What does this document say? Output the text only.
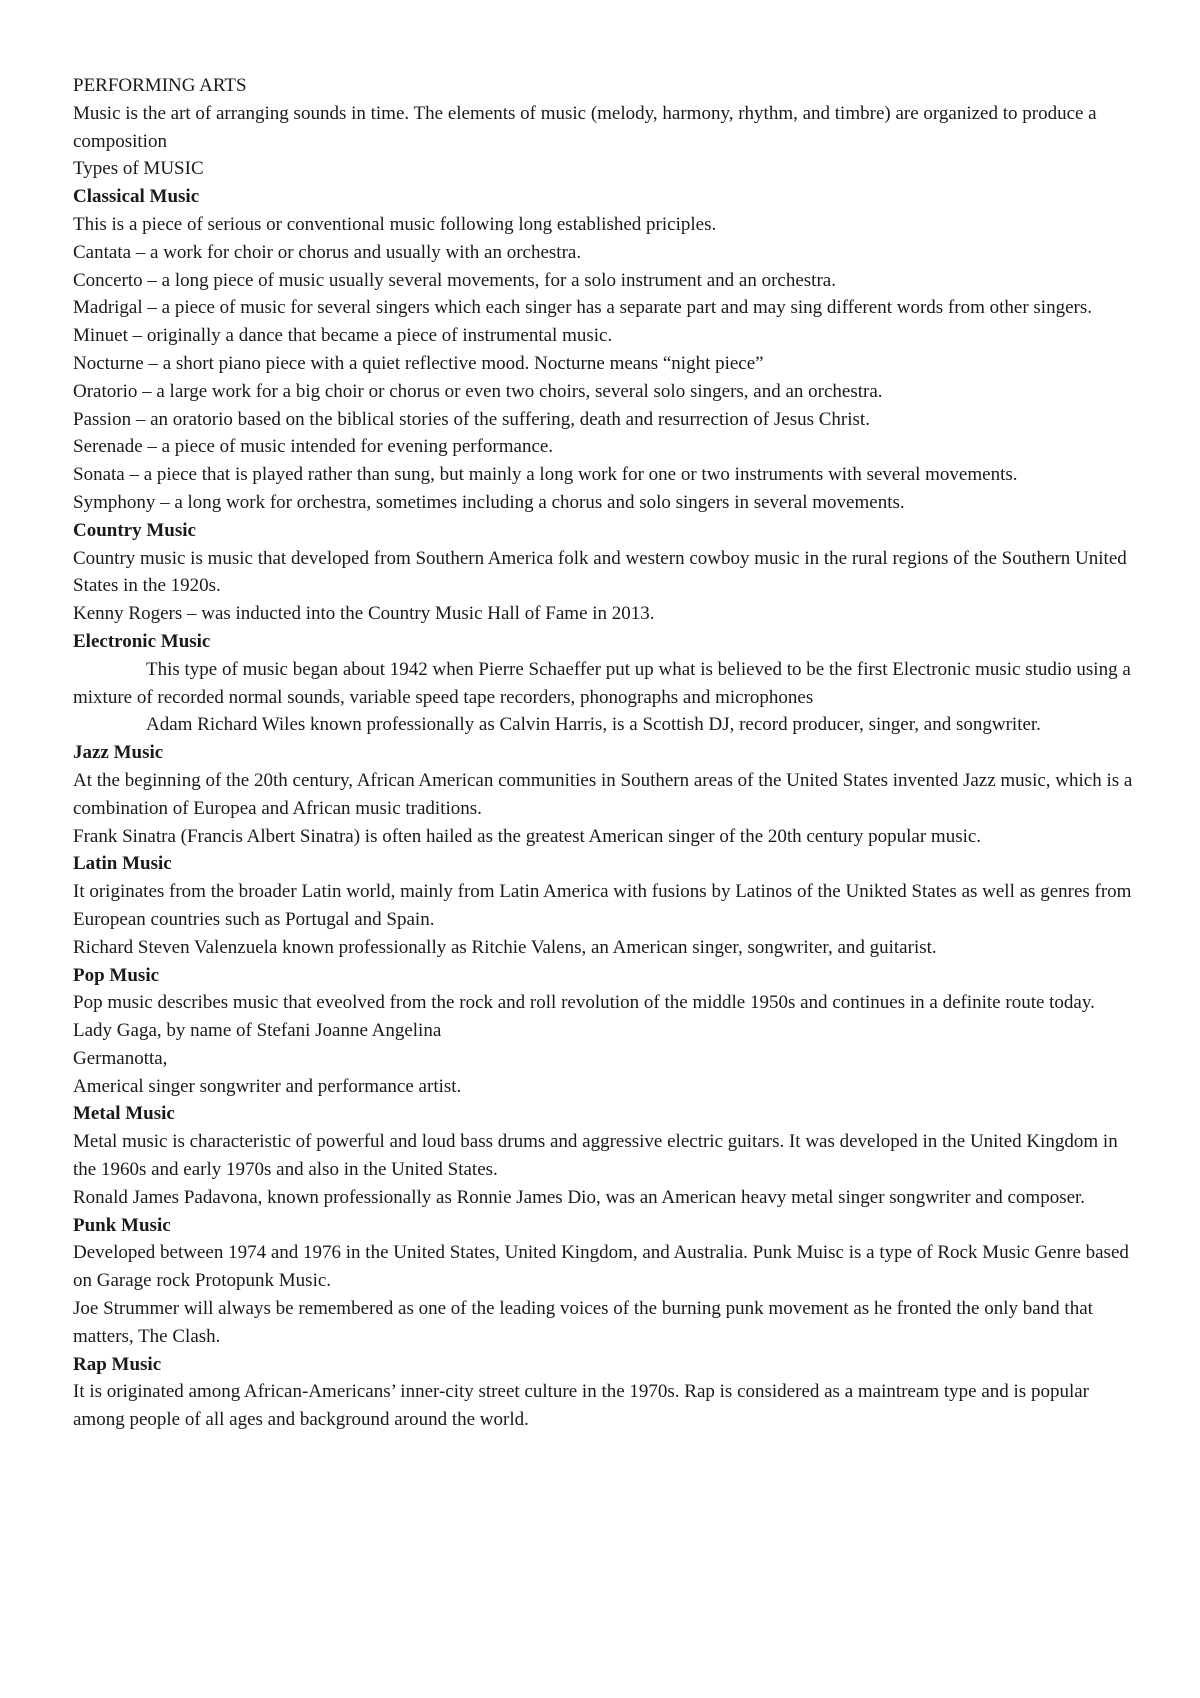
PERFORMING ARTS
Music is the art of arranging sounds in time. The elements of music (melody, harmony, rhythm, and timbre) are organized to produce a composition
Types of MUSIC
Classical Music
This is a piece of serious or conventional music following long established priciples.
Cantata – a work for choir or chorus and usually with an orchestra.
Concerto – a long piece of music usually several movements, for a solo instrument and an orchestra.
Madrigal – a piece of music for several singers which each singer has a separate part and may sing different words from other singers.
Minuet – originally a dance that became a piece of instrumental music.
Nocturne – a short piano piece with a quiet reflective mood. Nocturne means “night piece”
Oratorio – a large work for a big choir or chorus or even two choirs, several solo singers, and an orchestra.
Passion – an oratorio based on the biblical stories of the suffering, death and resurrection of Jesus Christ.
Serenade – a piece of music intended for evening performance.
Sonata – a piece that is played rather than sung, but mainly a long work for one or two instruments with several movements.
Symphony – a long work for orchestra, sometimes including a chorus and solo singers in several movements.
Country Music
Country music is music that developed from Southern America folk and western cowboy music in the rural regions of the Southern United States in the 1920s.
Kenny Rogers – was inducted into the Country Music Hall of Fame in 2013.
Electronic Music
This type of music began about 1942 when Pierre Schaeffer put up what is believed to be the first Electronic music studio using a mixture of recorded normal sounds, variable speed tape recorders, phonographs and microphones
Adam Richard Wiles known professionally as Calvin Harris, is a Scottish DJ, record producer, singer, and songwriter.
Jazz Music
At the beginning of the 20th century, African American communities in Southern areas of the United States invented Jazz music, which is a combination of Europea and African music traditions.
Frank Sinatra (Francis Albert Sinatra) is often hailed as the greatest American singer of the 20th century popular music.
Latin Music
It originates from the broader Latin world, mainly from Latin America with fusions by Latinos of the Unikted States as well as genres from European countries such as Portugal and Spain.
Richard Steven Valenzuela known professionally as Ritchie Valens, an American singer, songwriter, and guitarist.
Pop Music
Pop music describes music that eveolved from the rock and roll revolution of the middle 1950s and continues in a definite route today.
Lady Gaga, by name of Stefani Joanne Angelina
Germanotta,
Americal singer songwriter and performance artist.
Metal Music
Metal music is characteristic of powerful and loud bass drums and aggressive electric guitars. It was developed in the United Kingdom in the 1960s and early 1970s and also in the United States.
Ronald James Padavona, known professionally as Ronnie James Dio, was an American heavy metal singer songwriter and composer.
Punk Music
Developed between 1974 and 1976 in the United States, United Kingdom, and Australia. Punk Muisc is a type of Rock Music Genre based on Garage rock Protopunk Music.
Joe Strummer will always be remembered as one of the leading voices of the burning punk movement as he fronted the only band that matters, The Clash.
Rap Music
It is originated among African-Americans’ inner-city street culture in the 1970s. Rap is considered as a maintream type and is popular among people of all ages and background around the world.
